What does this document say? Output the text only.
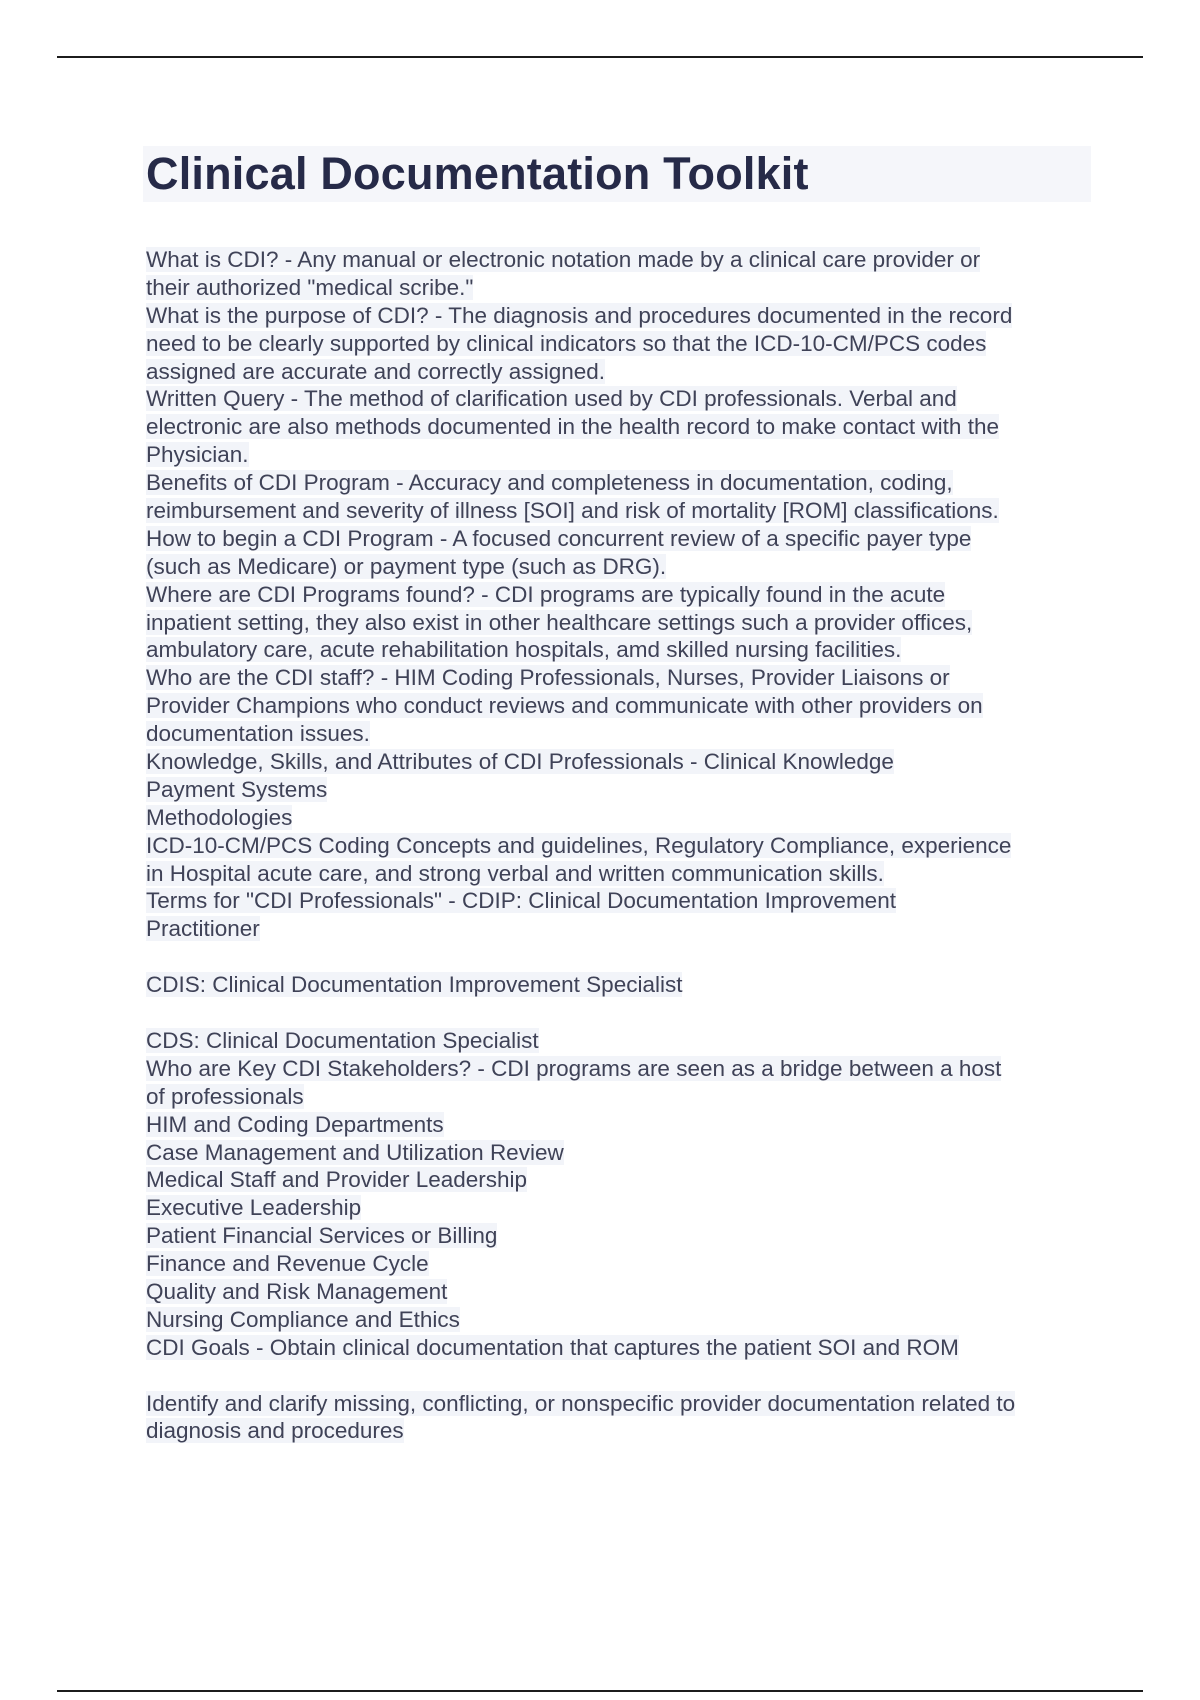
Clinical Documentation Toolkit
What is CDI? - Any manual or electronic notation made by a clinical care provider or
their authorized "medical scribe."
What is the purpose of CDI? - The diagnosis and procedures documented in the record
need to be clearly supported by clinical indicators so that the ICD-10-CM/PCS codes
assigned are accurate and correctly assigned.
Written Query - The method of clarification used by CDI professionals. Verbal and
electronic are also methods documented in the health record to make contact with the
Physician.
Benefits of CDI Program - Accuracy and completeness in documentation, coding,
reimbursement and severity of illness [SOI] and risk of mortality [ROM] classifications.
How to begin a CDI Program - A focused concurrent review of a specific payer type
(such as Medicare) or payment type (such as DRG).
Where are CDI Programs found? - CDI programs are typically found in the acute
inpatient setting, they also exist in other healthcare settings such a provider offices,
ambulatory care, acute rehabilitation hospitals, amd skilled nursing facilities.
Who are the CDI staff? - HIM Coding Professionals, Nurses, Provider Liaisons or
Provider Champions who conduct reviews and communicate with other providers on
documentation issues.
Knowledge, Skills, and Attributes of CDI Professionals - Clinical Knowledge
Payment Systems
Methodologies
ICD-10-CM/PCS Coding Concepts and guidelines, Regulatory Compliance, experience
in Hospital acute care, and strong verbal and written communication skills.
Terms for "CDI Professionals" - CDIP: Clinical Documentation Improvement
Practitioner
CDIS: Clinical Documentation Improvement Specialist
CDS: Clinical Documentation Specialist
Who are Key CDI Stakeholders? - CDI programs are seen as a bridge between a host
of professionals
HIM and Coding Departments
Case Management and Utilization Review
Medical Staff and Provider Leadership
Executive Leadership
Patient Financial Services or Billing
Finance and Revenue Cycle
Quality and Risk Management
Nursing Compliance and Ethics
CDI Goals - Obtain clinical documentation that captures the patient SOI and ROM
Identify and clarify missing, conflicting, or nonspecific provider documentation related to
diagnosis and procedures
